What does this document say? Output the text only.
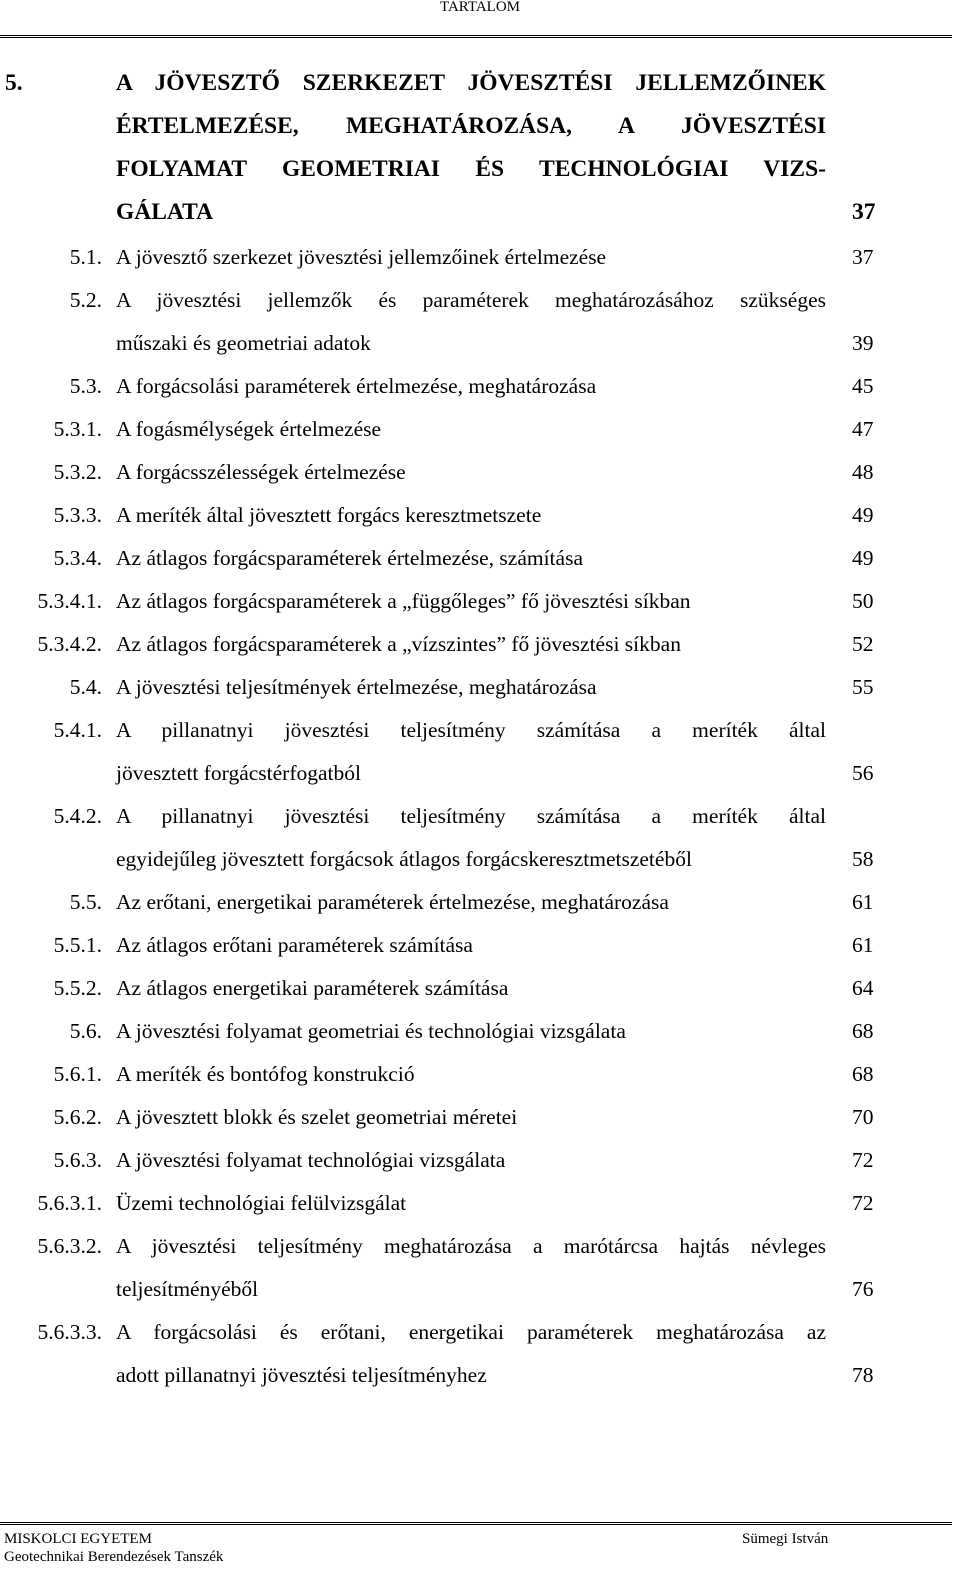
TARTALOM
5.	A JÖVESZTŐ SZERKEZET JÖVESZTÉSI JELLEMZŐINEK
ÉRTELMEZÉSE, MEGHATÁROZÁSA, A JÖVESZTÉSI
FOLYAMAT GEOMETRIAI ÉS TECHNOLÓGIAI VIZS-
GÁLATA	37
5.1. A jövesztő szerkezet jövesztési jellemzőinek értelmezése	37
5.2. A jövesztési jellemzők és paraméterek meghatározásához szükséges
műszaki és geometriai adatok	39
5.3. A forgácsolási paraméterek értelmezése, meghatározása	45
5.3.1. A fogásmélységek értelmezése	47
5.3.2. A forgácsszélességek értelmezése	48
5.3.3. A meríték által jövesztett forgács keresztmetszete	49
5.3.4. Az átlagos forgácsparaméterek értelmezése, számítása	49
5.3.4.1. Az átlagos forgácsparaméterek a „függőleges” fő jövesztési síkban	50
5.3.4.2. Az átlagos forgácsparaméterek a „vízszintes” fő jövesztési síkban	52
5.4. A jövesztési teljesítmények értelmezése, meghatározása	55
5.4.1. A pillanatnyi jövesztési teljesítmény számítása a meríték által
jövesztett forgácstérfogatból	56
5.4.2. A pillanatnyi jövesztési teljesítmény számítása a meríték által
egyidejűleg jövesztett forgácsok átlagos forgácskeresztmetszetéből	58
5.5. Az erőtani, energetikai paraméterek értelmezése, meghatározása	61
5.5.1. Az átlagos erőtani paraméterek számítása	61
5.5.2. Az átlagos energetikai paraméterek számítása	64
5.6. A jövesztési folyamat geometriai és technológiai vizsgálata	68
5.6.1. A meríték és bontófog konstrukció	68
5.6.2. A jövesztett blokk és szelet geometriai méretei	70
5.6.3. A jövesztési folyamat technológiai vizsgálata	72
5.6.3.1. Üzemi technológiai felülvizsgálat	72
5.6.3.2. A jövesztési teljesítmény meghatározása a marótárcsa hajtás névleges
teljesítményéből	76
5.6.3.3. A forgácsolási és erőtani, energetikai paraméterek meghatározása az
adott pillanatnyi jövesztési teljesítményhez	78
MISKOLCI EGYETEM
Geotechnikai Berendezések Tanszék
Sümegi István
